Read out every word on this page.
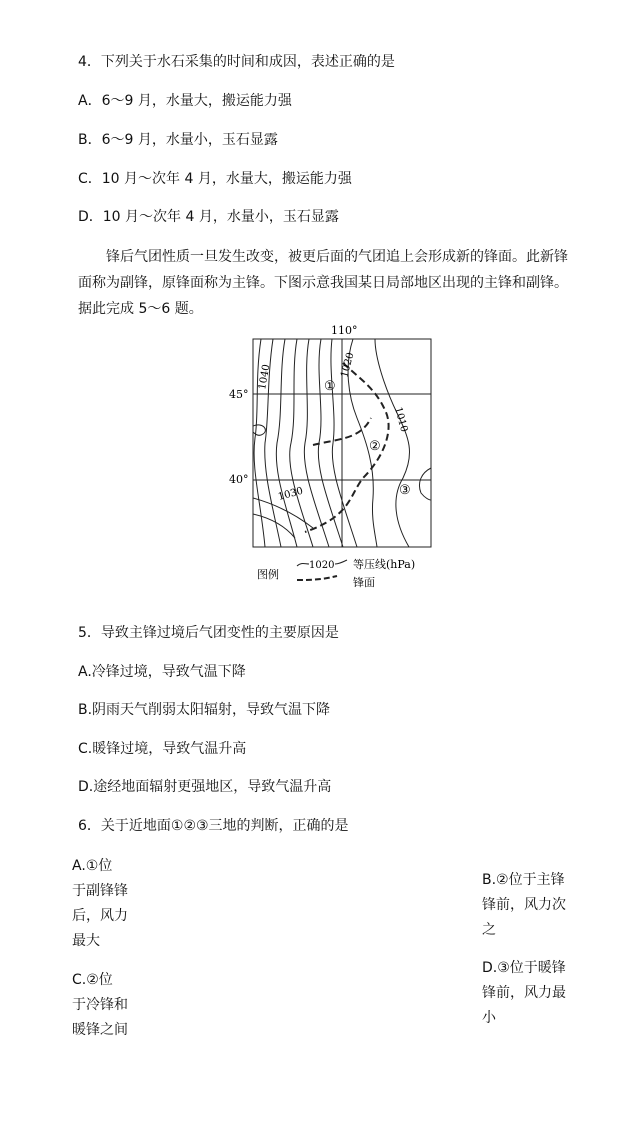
4．下列关于水石采集的时间和成因，表述正确的是
A．6～9 月，水量大，搬运能力强
B．6～9 月，水量小，玉石显露
C．10 月～次年 4 月，水量大，搬运能力强
D．10 月～次年 4 月，水量小，玉石显露
锋后气团性质一旦发生改变，被更后面的气团追上会形成新的锋面。此新锋
面称为副锋，原锋面称为主锋。下图示意我国某日局部地区出现的主锋和副锋。
据此完成 5～6 题。
110°
45°
40°
1040
1030
1020
1010
①
②
③
图例
1020 等压线(hPa)
锋面
5．导致主锋过境后气团变性的主要原因是
A.冷锋过境，导致气温下降
B.阴雨天气削弱太阳辐射，导致气温下降
C.暖锋过境，导致气温升高
D.途经地面辐射更强地区，导致气温升高
6．关于近地面①②③三地的判断，正确的是
A.①位
于副锋锋
后，风力
最大
C.②位
于冷锋和
暖锋之间
B.②位于主锋
锋前，风力次
之
D.③位于暖锋
锋前，风力最
小
